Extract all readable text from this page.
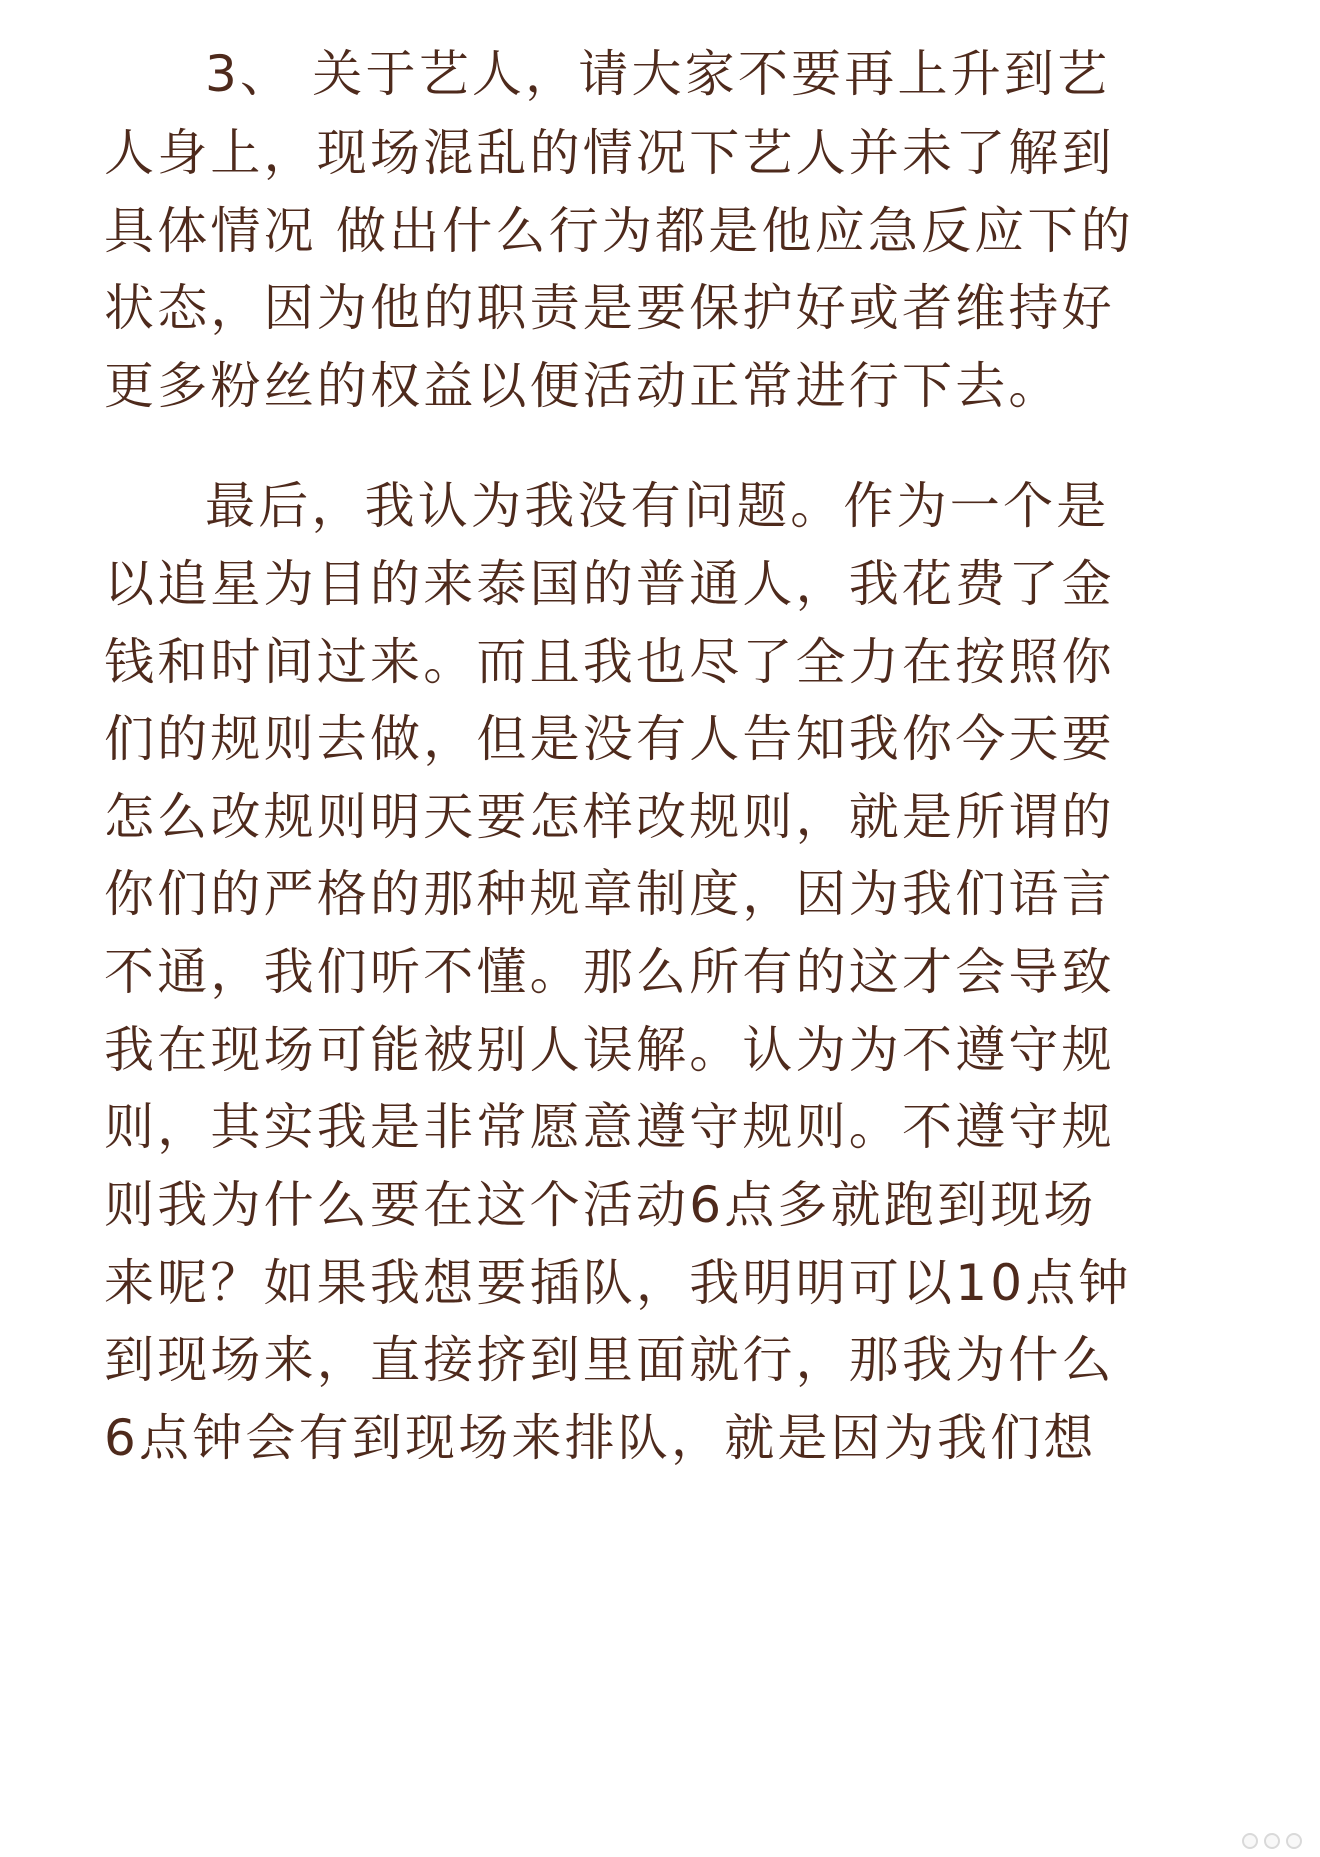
3、 关于艺人，请大家不要再上升到艺
人身上，现场混乱的情况下艺人并未了解到
具体情况 做出什么行为都是他应急反应下的
状态，因为他的职责是要保护好或者维持好
更多粉丝的权益以便活动正常进行下去。
最后，我认为我没有问题。作为一个是
以追星为目的来泰国的普通人，我花费了金
钱和时间过来。而且我也尽了全力在按照你
们的规则去做，但是没有人告知我你今天要
怎么改规则明天要怎样改规则，就是所谓的
你们的严格的那种规章制度，因为我们语言
不通，我们听不懂。那么所有的这才会导致
我在现场可能被别人误解。认为为不遵守规
则，其实我是非常愿意遵守规则。不遵守规
则我为什么要在这个活动6点多就跑到现场
来呢？如果我想要插队，我明明可以10点钟
到现场来，直接挤到里面就行，那我为什么
6点钟会有到现场来排队，就是因为我们想
